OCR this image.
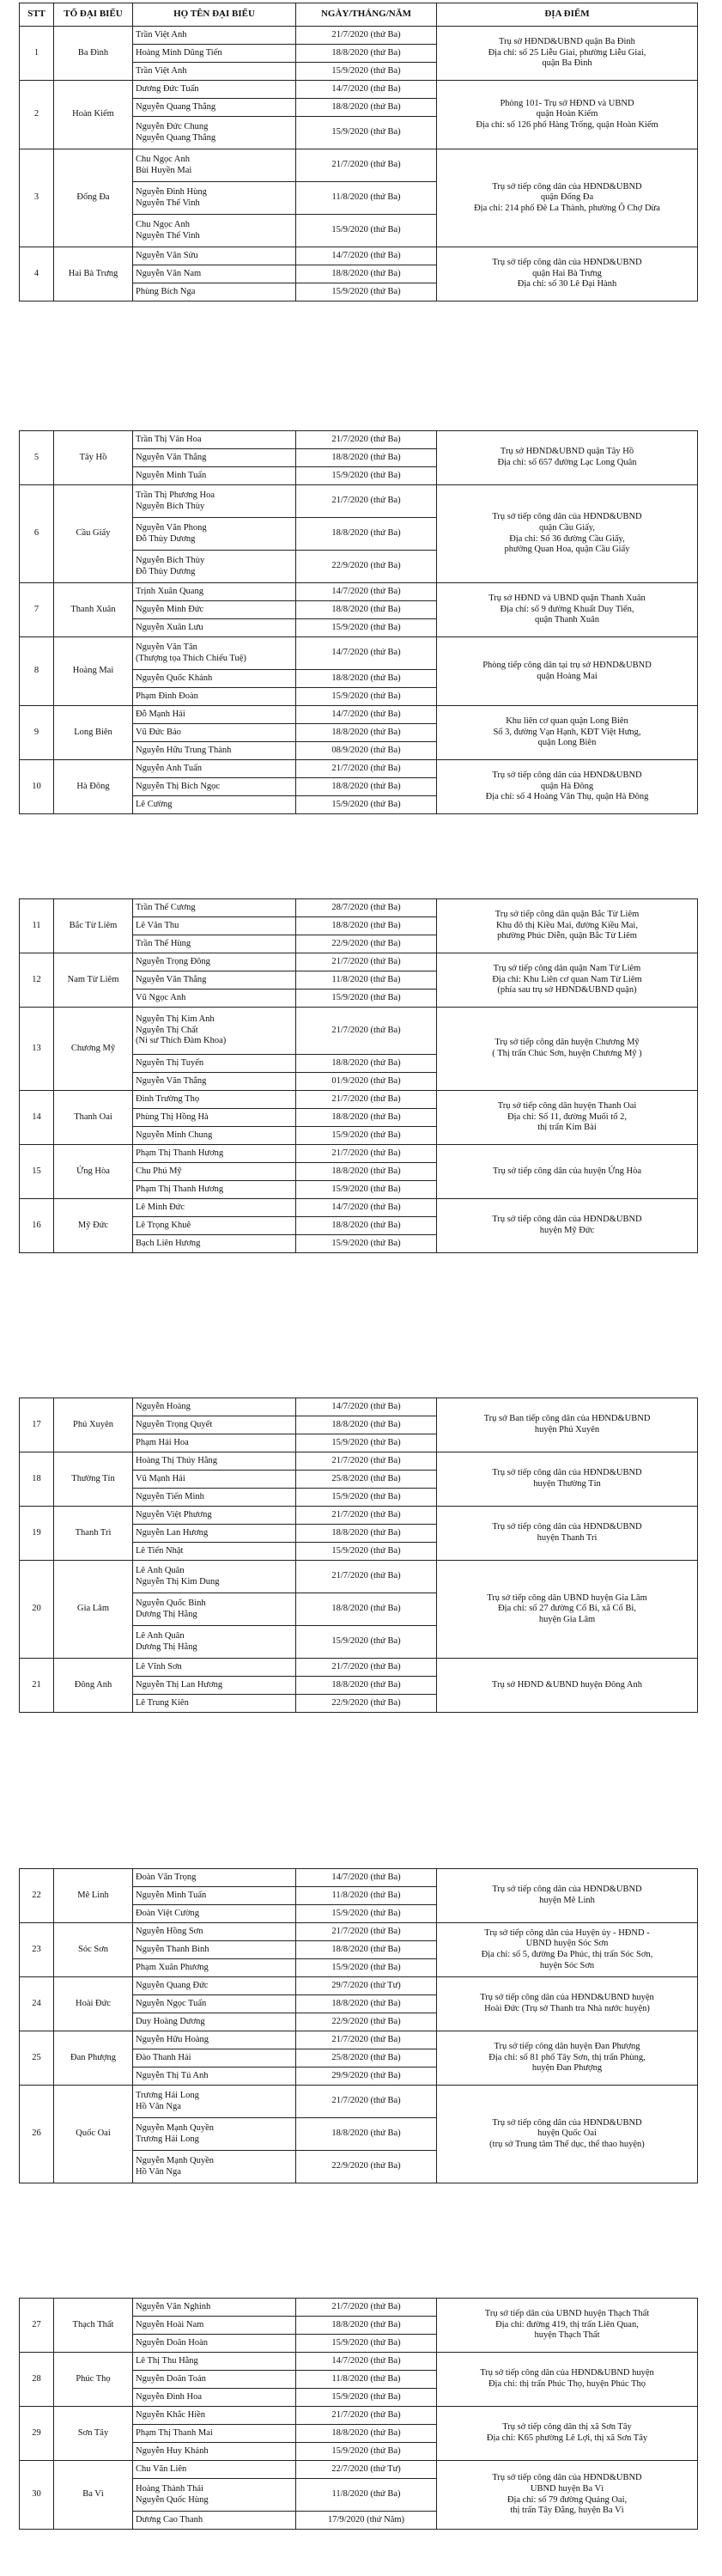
STT	TỔ ĐẠI BIỂU	HỌ TÊN ĐẠI BIỂU	NGÀY/THÁNG/NĂM	ĐỊA ĐIỂM
1	Ba Đình	Trần Việt Anh	21/7/2020 (thứ Ba)	Trụ sở HĐND&UBND quận Ba Đình
Địa chỉ: số 25 Liễu Giai, phường Liễu Giai,
quận Ba Đình

		Hoàng Minh Dũng Tiến	18/8/2020 (thứ Ba)	

		Trần Việt Anh	15/9/2020 (thứ Ba)	
2	Hoàn Kiếm	Dương Đức Tuấn	14/7/2020 (thứ Ba)	Phòng 101- Trụ sở HĐND và UBND
quận Hoàn Kiếm
Địa chỉ: số 126 phố Hàng Trống, quận Hoàn Kiếm

		Nguyễn Quang Thắng	18/8/2020 (thứ Ba)	

		Nguyễn Đức Chung
Nguyễn Quang Thắng	15/9/2020 (thứ Ba)	
3	Đống Đa	Chu Ngọc Anh
Bùi Huyền Mai	21/7/2020 (thứ Ba)	Trụ sở tiếp công dân của HĐND&UBND
quận Đống Đa
Địa chỉ: 214 phố Đê La Thành, phường Ô Chợ Dừa

		Nguyễn Đình Hùng
Nguyễn Thế Vinh	11/8/2020 (thứ Ba)	

		Chu Ngọc Anh
Nguyễn Thế Vinh	15/9/2020 (thứ Ba)	
4	Hai Bà Trưng	Nguyễn Văn Sửu	14/7/2020 (thứ Ba)	Trụ sở tiếp công dân của HĐND&UBND
quận Hai Bà Trưng
Địa chỉ: số 30 Lê Đại Hành

		Nguyễn Văn Nam	18/8/2020 (thứ Ba)	

		Phùng Bích Nga	15/9/2020 (thứ Ba)	
5	Tây Hồ	Trần Thị Vân Hoa	21/7/2020 (thứ Ba)	Trụ sở HĐND&UBND quận Tây Hồ
Địa chỉ: số 657 đường Lạc Long Quân

		Nguyễn Văn Thắng	18/8/2020 (thứ Ba)	

		Nguyễn Minh Tuấn	15/9/2020 (thứ Ba)	
6	Cầu Giấy	Trần Thị Phương Hoa
Nguyễn Bích Thùy	21/7/2020 (thứ Ba)	Trụ sở tiếp công dân của HĐND&UBND
quận Cầu Giấy,
Địa chỉ: Số 36 đường Cầu Giấy,
phường Quan Hoa, quận Cầu Giấy

		Nguyễn Văn Phong
Đỗ Thùy Dương	18/8/2020 (thứ Ba)	

		Nguyễn Bích Thùy
Đỗ Thùy Dương	22/9/2020 (thứ Ba)	
7	Thanh Xuân	Trịnh Xuân Quang	14/7/2020 (thứ Ba)	Trụ sở HĐND và UBND quận Thanh Xuân
Địa chỉ: số 9 đường Khuất Duy Tiến,
quận Thanh Xuân

		Nguyễn Minh Đức	18/8/2020 (thứ Ba)	

		Nguyễn Xuân Lưu	15/9/2020 (thứ Ba)	
8	Hoàng Mai	Nguyễn Văn Tân
(Thượng tọa Thích Chiếu Tuệ)	14/7/2020 (thứ Ba)	Phòng tiếp công dân tại trụ sở HĐND&UBND
quận Hoàng Mai

		Nguyễn Quốc Khánh	18/8/2020 (thứ Ba)	

		Phạm Đình Đoàn	15/9/2020 (thứ Ba)	
9	Long Biên	Đỗ Mạnh Hải	14/7/2020 (thứ Ba)	Khu liên cơ quan quận Long Biên
Số 3, đường Vạn Hạnh, KĐT Việt Hưng,
quận Long Biên

		Vũ Đức Bảo	18/8/2020 (thứ Ba)	

		Nguyễn Hữu Trung Thành	08/9/2020 (thứ Ba)	
10	Hà Đông	Nguyễn Anh Tuấn	21/7/2020 (thứ Ba)	Trụ sở tiếp công dân của HĐND&UBND
quận Hà Đông
Địa chỉ: số 4 Hoàng Văn Thụ, quận Hà Đông

		Nguyễn Thị Bích Ngọc	18/8/2020 (thứ Ba)	

		Lê Cường	15/9/2020 (thứ Ba)	
11	Bắc Từ Liêm	Trần Thế Cương	28/7/2020 (thứ Ba)	Trụ sở tiếp công dân quận Bắc Từ Liêm
Khu đô thị Kiều Mai, đường Kiều Mai,
phường Phúc Diễn, quận Bắc Từ Liêm

		Lê Văn Thu	18/8/2020 (thứ Ba)	

		Trần Thế Hùng	22/9/2020 (thứ Ba)	
12	Nam Từ Liêm	Nguyễn Trọng Đông	21/7/2020 (thứ Ba)	Trụ sở tiếp công dân quận Nam Từ Liêm
Địa chỉ: Khu Liên cơ quan Nam Từ Liêm
(phía sau trụ sở HĐND&UBND quận)

		Nguyễn Văn Thắng	11/8/2020 (thứ Ba)	

		Vũ Ngọc Anh	15/9/2020 (thứ Ba)	
13	Chương Mỹ	Nguyễn Thị Kim Anh
Nguyễn Thị Chất
(Ni sư Thích Đàm Khoa)	21/7/2020 (thứ Ba)	Trụ sở tiếp công dân huyện Chương Mỹ
( Thị trấn Chúc Sơn, huyện Chương Mỹ )

		Nguyễn Thị Tuyến	18/8/2020 (thứ Ba)	

		Nguyễn Văn Thắng	01/9/2020 (thứ Ba)	
14	Thanh Oai	Đinh Trường Thọ	21/7/2020 (thứ Ba)	Trụ sở tiếp công dân huyện Thanh Oai
Địa chỉ: Số 11, đường Muối tổ 2,
thị trấn Kim Bài

		Phùng Thị Hồng Hà	18/8/2020 (thứ Ba)	

		Nguyễn Minh Chung	15/9/2020 (thứ Ba)	
15	Ứng Hòa	Phạm Thị Thanh Hương	21/7/2020 (thứ Ba)	Trụ sở tiếp công dân của huyện Ứng Hòa

		Chu Phú Mỹ	18/8/2020 (thứ Ba)	

		Phạm Thị Thanh Hương	15/9/2020 (thứ Ba)	
16	Mỹ Đức	Lê Minh Đức	14/7/2020 (thứ Ba)	Trụ sở tiếp công dân của HĐND&UBND
huyện Mỹ Đức

		Lê Trọng Khuê	18/8/2020 (thứ Ba)	

		Bạch Liên Hương	15/9/2020 (thứ Ba)	
17	Phú Xuyên	Nguyễn Hoàng	14/7/2020 (thứ Ba)	Trụ sở Ban tiếp công dân của HĐND&UBND
huyện Phú Xuyên

		Nguyễn Trọng Quyết	18/8/2020 (thứ Ba)	

		Phạm Hải Hoa	15/9/2020 (thứ Ba)	
18	Thường Tín	Hoàng Thị Thúy Hằng	21/7/2020 (thứ Ba)	Trụ sở tiếp công dân của HĐND&UBND
huyện Thường Tín

		Vũ Mạnh Hải	25/8/2020 (thứ Ba)	

		Nguyễn Tiến Minh	15/9/2020 (thứ Ba)	
19	Thanh Trì	Nguyễn Việt Phương	21/7/2020 (thứ Ba)	Trụ sở tiếp công dân của HĐND&UBND
huyện Thanh Trì

		Nguyễn Lan Hương	18/8/2020 (thứ Ba)	

		Lê Tiến Nhật	15/9/2020 (thứ Ba)	
20	Gia Lâm	Lê Anh Quân
Nguyễn Thị Kim Dung	21/7/2020 (thứ Ba)	Trụ sở tiếp công dân UBND huyện Gia Lâm
Địa chỉ: số 27 đường Cổ Bi, xã Cổ Bi,
huyện Gia Lâm

		Nguyễn Quốc Bình
Dương Thị Hằng	18/8/2020 (thứ Ba)	

		Lê Anh Quân
Dương Thị Hằng	15/9/2020 (thứ Ba)	
21	Đông Anh	Lê Vĩnh Sơn	21/7/2020 (thứ Ba)	Trụ sở HĐND &UBND huyện Đông Anh

		Nguyễn Thị Lan Hương	18/8/2020 (thứ Ba)	

		Lê Trung Kiên	22/9/2020 (thứ Ba)	
22	Mê Linh	Đoàn Văn Trọng	14/7/2020 (thứ Ba)	Trụ sở tiếp công dân của HĐND&UBND
huyện Mê Linh

		Nguyễn Minh Tuấn	11/8/2020 (thứ Ba)	

		Đoàn Việt Cường	15/9/2020 (thứ Ba)	
23	Sóc Sơn	Nguyễn Hồng Sơn	21/7/2020 (thứ Ba)	Trụ sở tiếp công dân của Huyện ủy - HĐND -
UBND huyện Sóc Sơn
Địa chỉ: số 5, đường Đa Phúc, thị trấn Sóc Sơn,
huyện Sóc Sơn

		Nguyễn Thanh Bình	18/8/2020 (thứ Ba)	

		Phạm Xuân Phương	15/9/2020 (thứ Ba)	
24	Hoài Đức	Nguyễn Quang Đức	29/7/2020 (thứ Tư)	Trụ sở tiếp công dân của HĐND&UBND huyện
Hoài Đức (Trụ sở Thanh tra Nhà nước huyện)

		Nguyễn Ngọc Tuấn	18/8/2020 (thứ Ba)	

		Duy Hoàng Dương	22/9/2020 (thứ Ba)	
25	Đan Phượng	Nguyễn Hữu Hoàng	21/7/2020 (thứ Ba)	Trụ sở tiếp công dân huyện Đan Phượng
Địa chỉ: số 81 phố Tây Sơn, thị trấn Phùng,
huyện Đan Phượng

		Đào Thanh Hải	25/8/2020 (thứ Ba)	

		Nguyễn Thị Tú Anh	29/9/2020 (thứ Ba)	
26	Quốc Oai	Trương Hải Long
Hồ Vân Nga	21/7/2020 (thứ Ba)	Trụ sở tiếp công dân của HĐND&UBND
huyện Quốc Oai
(trụ sở Trung tâm Thể dục, thể thao huyện)

		Nguyễn Mạnh Quyền
Trương Hải Long	18/8/2020 (thứ Ba)	

		Nguyễn Mạnh Quyền
Hồ Vân Nga	22/9/2020 (thứ Ba)	
27	Thạch Thất	Nguyễn Văn Nghinh	21/7/2020 (thứ Ba)	Trụ sở tiếp dân của UBND huyện Thạch Thất
Địa chỉ: đường 419, thị trấn Liên Quan,
huyện Thạch Thất

		Nguyễn Hoài Nam	18/8/2020 (thứ Ba)	

		Nguyễn Doãn Hoàn	15/9/2020 (thứ Ba)	
28	Phúc Thọ	Lê Thị Thu Hằng	14/7/2020 (thứ Ba)	Trụ sở tiếp công dân của HĐND&UBND huyện
Địa chỉ: thị trấn Phúc Thọ, huyện Phúc Thọ

		Nguyễn Doãn Toản	11/8/2020 (thứ Ba)	

		Nguyễn Đình Hoa	15/9/2020 (thứ Ba)	
29	Sơn Tây	Nguyễn Khắc Hiền	21/7/2020 (thứ Ba)	Trụ sở tiếp công dân thị xã Sơn Tây
Địa chỉ: K65 phường Lê Lợi, thị xã Sơn Tây

		Phạm Thị Thanh Mai	18/8/2020 (thứ Ba)	

		Nguyễn Huy Khánh	15/9/2020 (thứ Ba)	
30	Ba Vì	Chu Văn Liên	22/7/2020 (thứ Tư)	Trụ sở tiếp công dân của HĐND&UBND
UBND huyện Ba Vì
Địa chỉ: số 79 đường Quảng Oai,
thị trấn Tây Đằng, huyện Ba Vì

		Hoàng Thành Thái
Nguyễn Quốc Hùng	11/8/2020 (thứ Ba)	

		Dương Cao Thanh	17/9/2020 (thứ Năm)	
